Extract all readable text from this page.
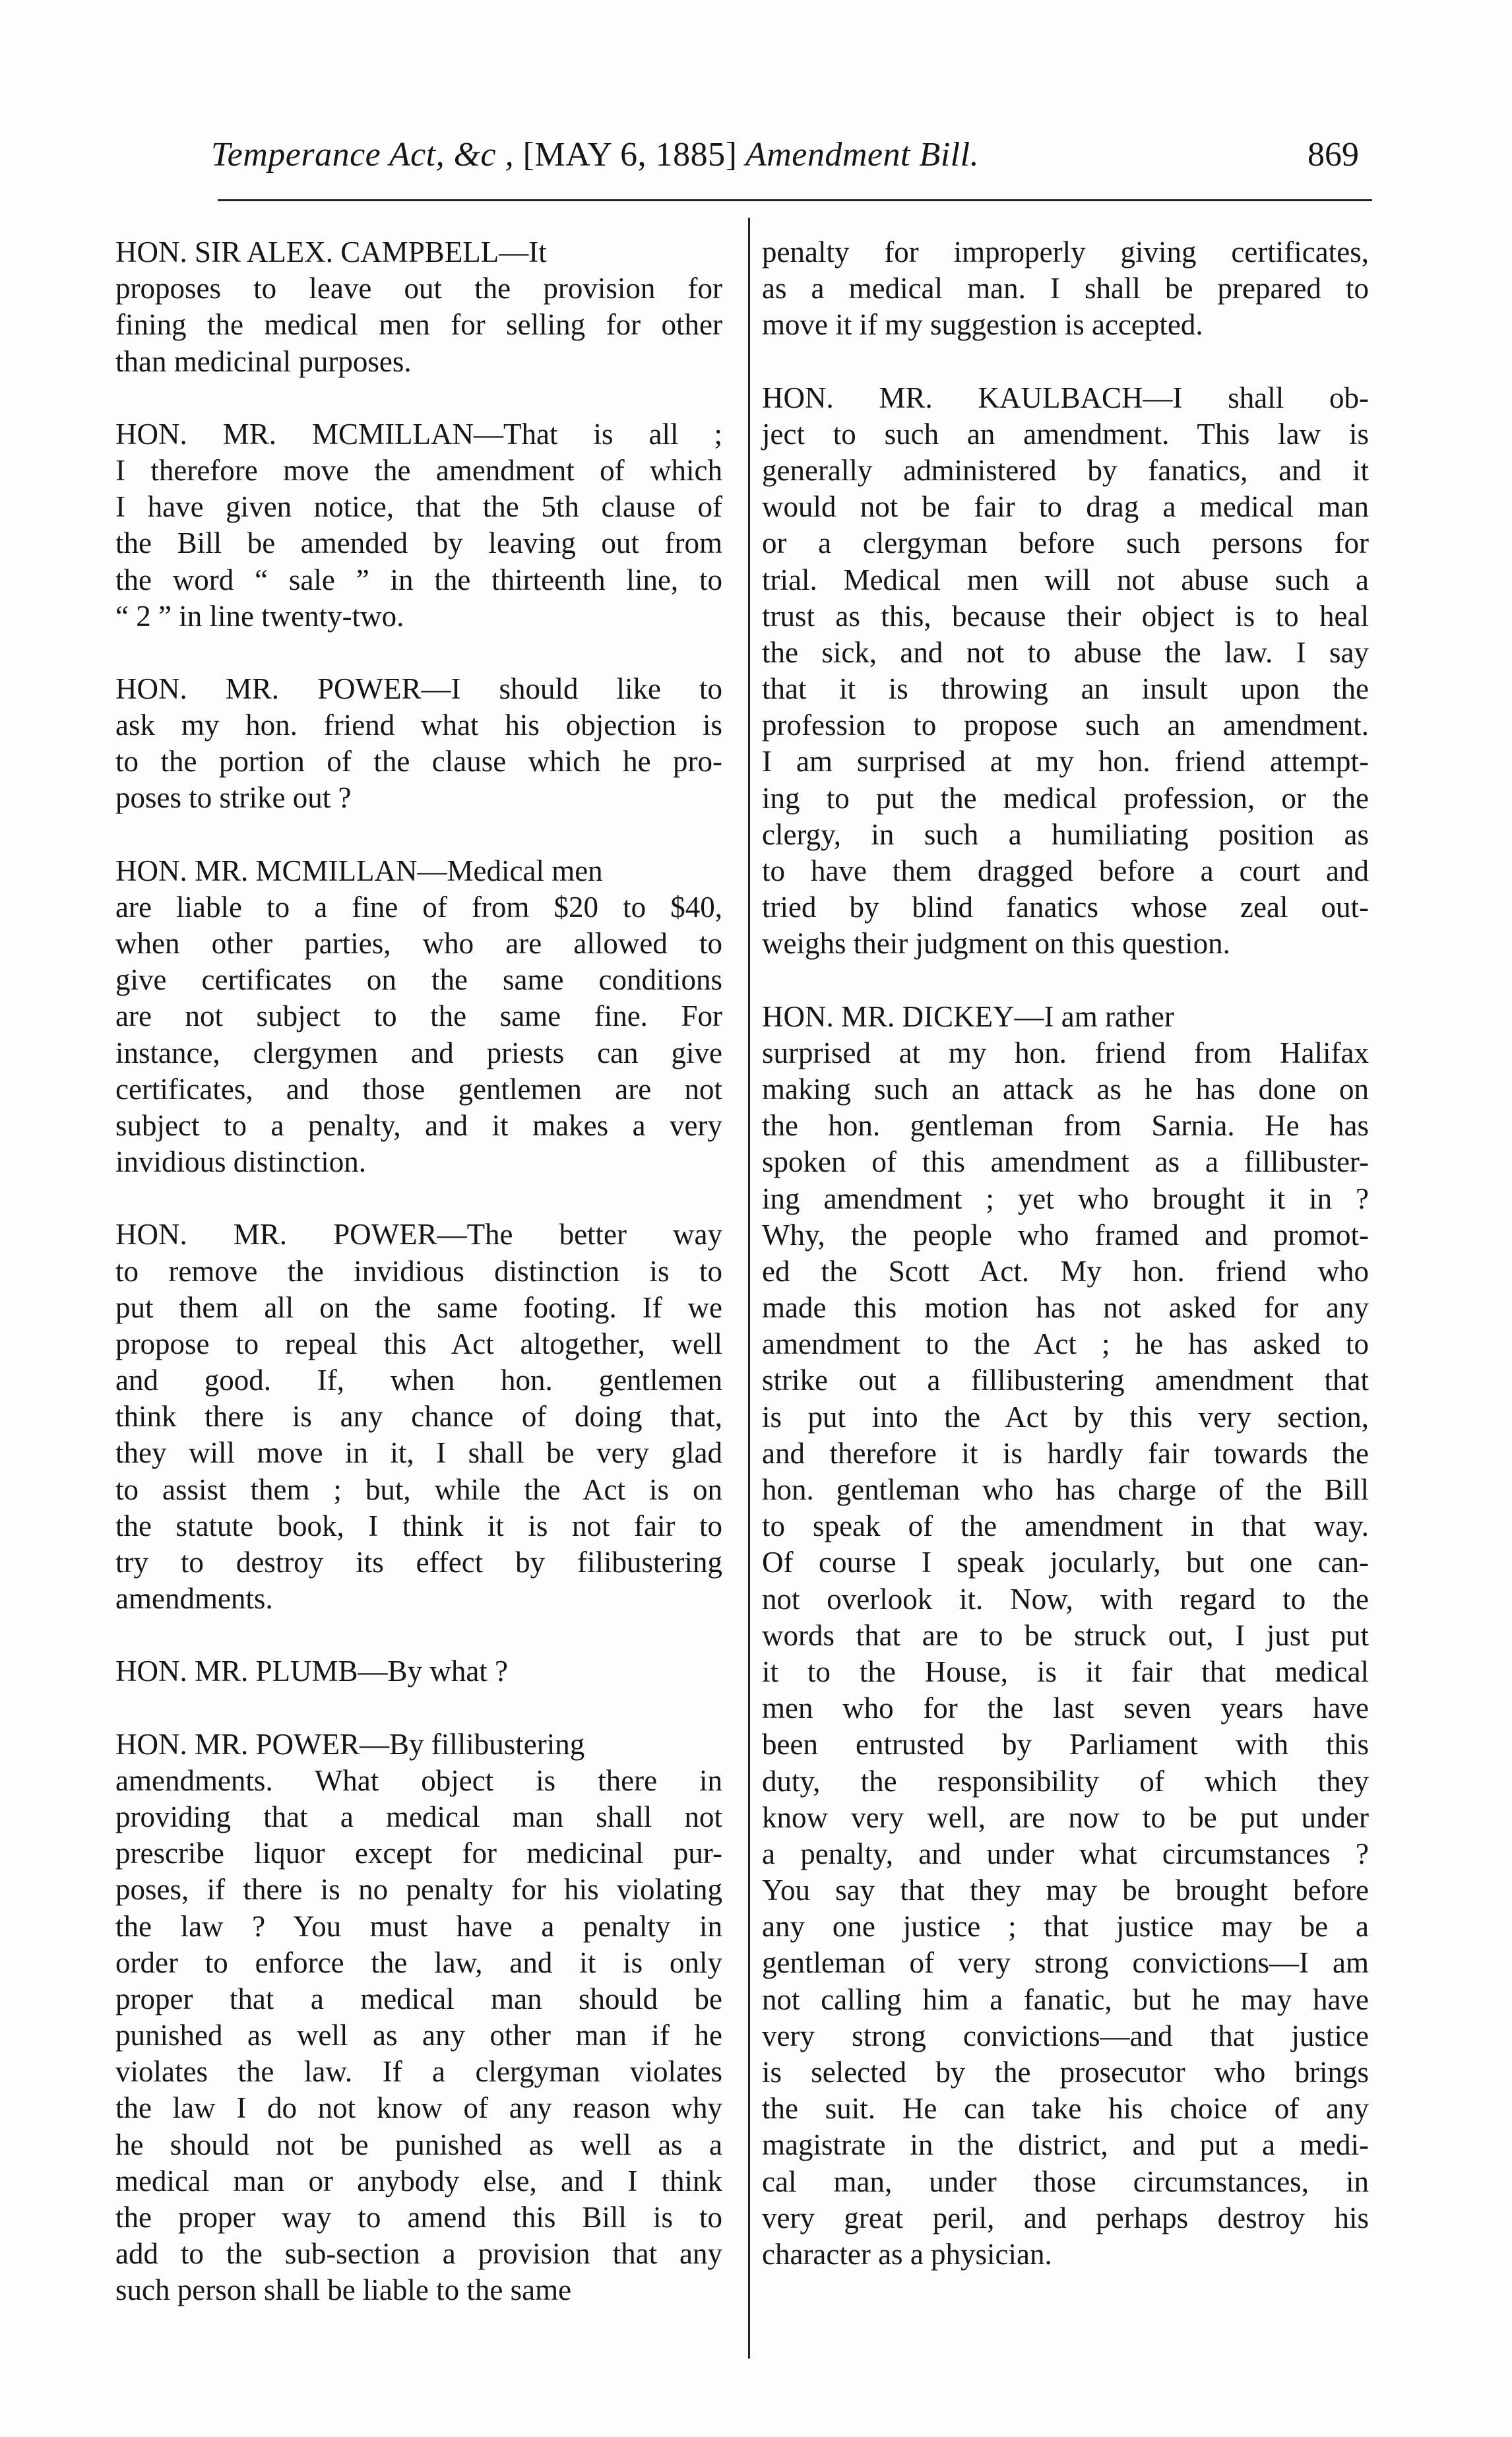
Temperance Act, &c , [MAY 6, 1885] Amendment Bill.	869
HON. SIR ALEX. CAMPBELL—It
proposes to leave out the provision for
fining the medical men for selling for other
than medicinal purposes.
HON. MR. MCMILLAN—That is all ;
I therefore move the amendment of which
I have given notice, that the 5th clause of
the Bill be amended by leaving out from
the word “ sale ” in the thirteenth line, to
“ 2 ” in line twenty-two.
HON. MR. POWER—I should like to
ask my hon. friend what his objection is
to the portion of the clause which he pro-
poses to strike out ?
HON. MR. MCMILLAN—Medical men
are liable to a fine of from $20 to $40,
when other parties, who are allowed to
give certificates on the same conditions
are not subject to the same fine. For
instance, clergymen and priests can give
certificates, and those gentlemen are not
subject to a penalty, and it makes a very
invidious distinction.
HON. MR. POWER—The better way
to remove the invidious distinction is to
put them all on the same footing. If we
propose to repeal this Act altogether, well
and good. If, when hon. gentlemen
think there is any chance of doing that,
they will move in it, I shall be very glad
to assist them ; but, while the Act is on
the statute book, I think it is not fair to
try to destroy its effect by filibustering
amendments.
HON. MR. PLUMB—By what ?
HON. MR. POWER—By fillibustering
amendments. What object is there in
providing that a medical man shall not
prescribe liquor except for medicinal pur-
poses, if there is no penalty for his violating
the law ? You must have a penalty in
order to enforce the law, and it is only
proper that a medical man should be
punished as well as any other man if he
violates the law. If a clergyman violates
the law I do not know of any reason why
he should not be punished as well as a
medical man or anybody else, and I think
the proper way to amend this Bill is to
add to the sub-section a provision that any
such person shall be liable to the same
penalty for improperly giving certificates,
as a medical man. I shall be prepared to
move it if my suggestion is accepted.
HON. MR. KAULBACH—I shall ob-
ject to such an amendment. This law is
generally administered by fanatics, and it
would not be fair to drag a medical man
or a clergyman before such persons for
trial. Medical men will not abuse such a
trust as this, because their object is to heal
the sick, and not to abuse the law. I say
that it is throwing an insult upon the
profession to propose such an amendment.
I am surprised at my hon. friend attempt-
ing to put the medical profession, or the
clergy, in such a humiliating position as
to have them dragged before a court and
tried by blind fanatics whose zeal out-
weighs their judgment on this question.
HON. MR. DICKEY—I am rather
surprised at my hon. friend from Halifax
making such an attack as he has done on
the hon. gentleman from Sarnia. He has
spoken of this amendment as a fillibuster-
ing amendment ; yet who brought it in ?
Why, the people who framed and promot-
ed the Scott Act. My hon. friend who
made this motion has not asked for any
amendment to the Act ; he has asked to
strike out a fillibustering amendment that
is put into the Act by this very section,
and therefore it is hardly fair towards the
hon. gentleman who has charge of the Bill
to speak of the amendment in that way.
Of course I speak jocularly, but one can-
not overlook it. Now, with regard to the
words that are to be struck out, I just put
it to the House, is it fair that medical
men who for the last seven years have
been entrusted by Parliament with this
duty, the responsibility of which they
know very well, are now to be put under
a penalty, and under what circumstances ?
You say that they may be brought before
any one justice ; that justice may be a
gentleman of very strong convictions—I am
not calling him a fanatic, but he may have
very strong convictions—and that justice
is selected by the prosecutor who brings
the suit. He can take his choice of any
magistrate in the district, and put a medi-
cal man, under those circumstances, in
very great peril, and perhaps destroy his
character as a physician.
